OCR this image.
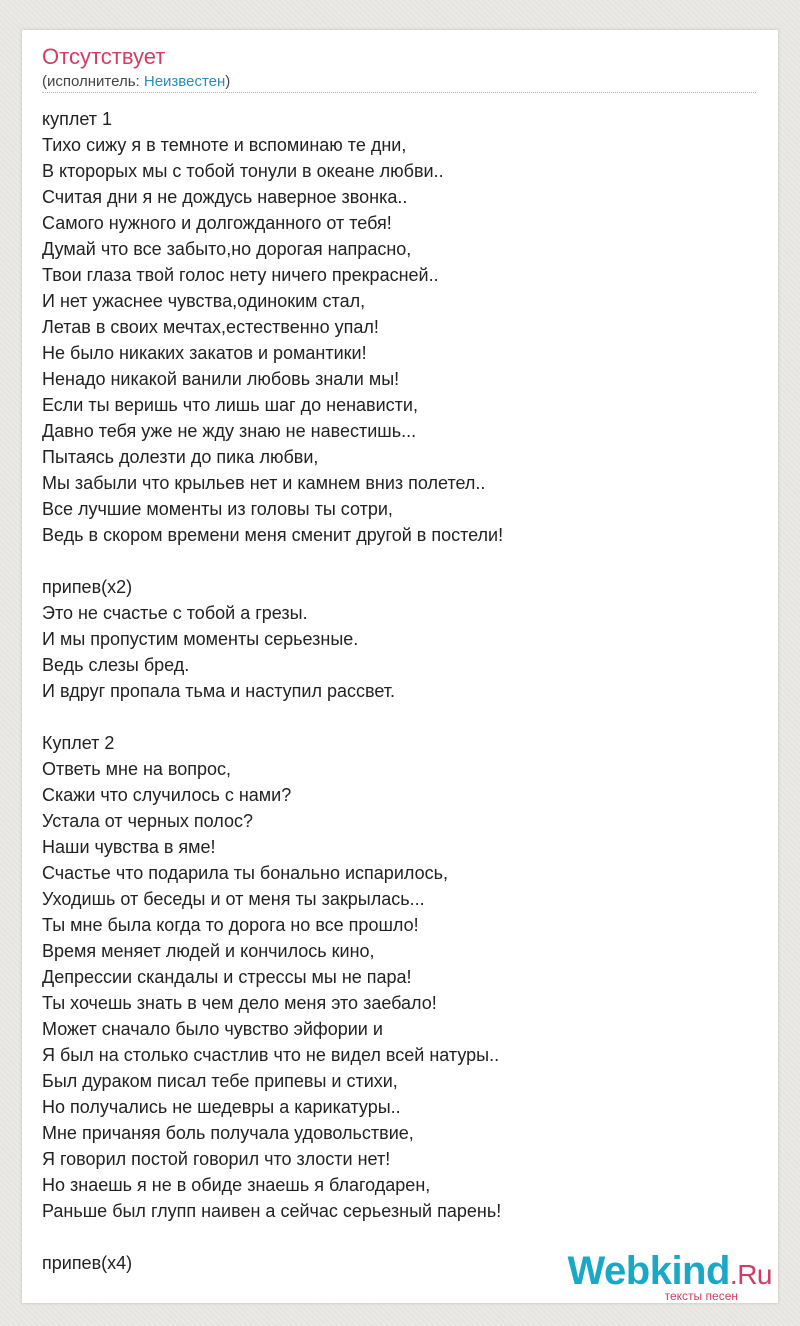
Отсутствует
(исполнитель: Неизвестен)
куплет 1
Тихо сижу я в темноте и вспоминаю те дни,
В кторорых мы с тобой тонули в океане любви..
Считая дни я не дождусь наверное звонка..
Самого нужного и долгожданного от тебя!
Думай что все забыто,но дорогая напрасно,
Твои глаза твой голос нету ничего прекрасней..
И нет ужаснее чувства,одиноким стал,
Летав в своих мечтах,естественно упал!
Не было никаких закатов и романтики!
Ненадо никакой ванили любовь знали мы!
Если ты веришь что лишь шаг до ненависти,
Давно тебя уже не жду знаю не навестишь...
Пытаясь долезти до пика любви,
Мы забыли что крыльев нет и камнем вниз полетел..
Все лучшие моменты из головы ты сотри,
Ведь в скором времени меня сменит другой в постели!

припев(x2)
Это не счастье с тобой а грезы.
И мы пропустим моменты серьезные.
Ведь слезы бред.
И вдруг пропала тьма и наступил рассвет.

Куплет 2
Ответь мне на вопрос,
Скажи что случилось с нами?
Устала от черных полос?
Наши чувства в яме!
Счастье что подарила ты бонально испарилось,
Уходишь от беседы и от меня ты закрылась...
Ты мне была когда то дорога но все прошло!
Время меняет людей и кончилось кино,
Депрессии скандалы и стрессы мы не пара!
Ты хочешь знать в чем дело меня это заебало!
Может сначало было чувство эйфории и
Я был на столько счастлив что не видел всей натуры..
Был дураком писал тебе припевы и стихи,
Но получались не шедевры а карикатуры..
Мне причаняя боль получала удовольствие,
Я говорил постой говорил что злости нет!
Но знаешь я не в обиде знаешь я благодарен,
Раньше был глупп наивен а сейчас серьезный парень!

припев(x4)	Webkind.Ru
тексты песен
